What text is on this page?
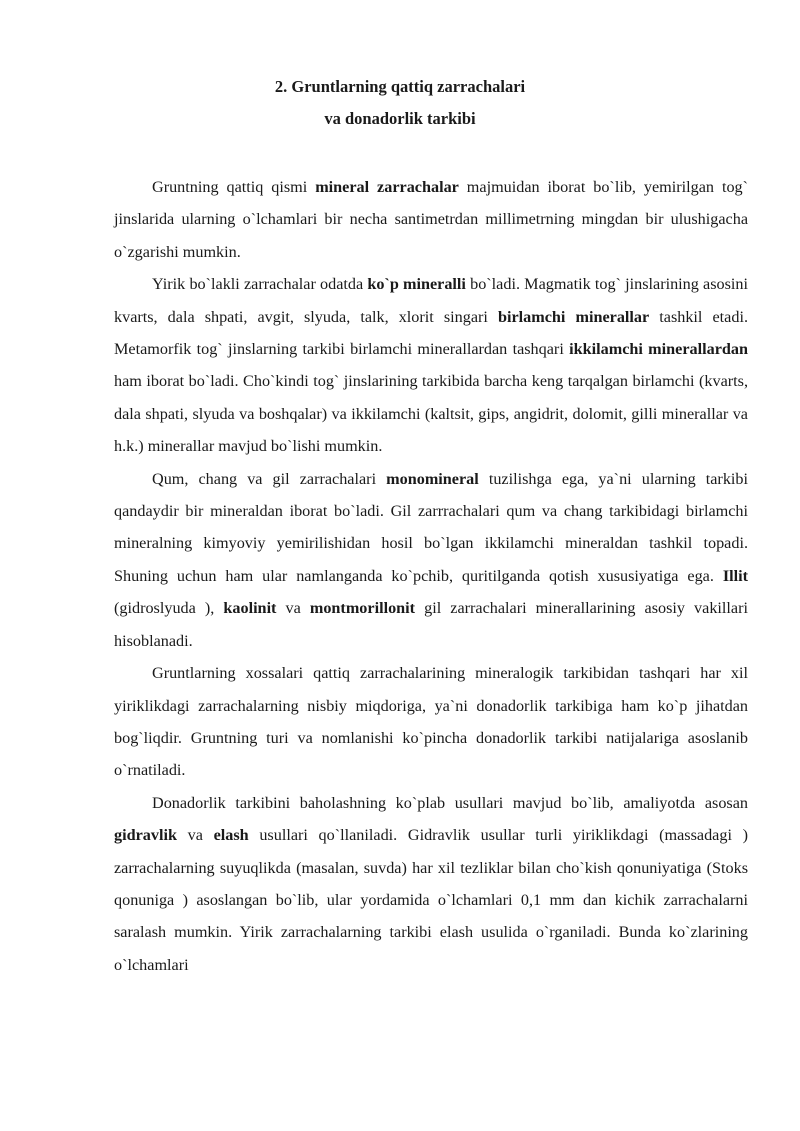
2. Gruntlarning qattiq zarrachalari
va donadorlik tarkibi

Gruntning qattiq qismi mineral zarrachalar majmuidan iborat bo`lib, yemirilgan tog` jinslarida ularning o`lchamlari bir necha santimetrdan millimetrning mingdan bir ulushigacha o`zgarishi mumkin.

Yirik bo`lakli zarrachalar odatda ko`p mineralli bo`ladi. Magmatik tog` jinslarining asosini kvarts, dala shpati, avgit, slyuda, talk, xlorit singari birlamchi minerallar tashkil etadi. Metamorfik tog` jinslarning tarkibi birlamchi minerallardan tashqari ikkilamchi minerallardan ham iborat bo`ladi. Cho`kindi tog` jinslarining tarkibida barcha keng tarqalgan birlamchi (kvarts, dala shpati, slyuda va boshqalar) va ikkilamchi (kaltsit, gips, angidrit, dolomit, gilli minerallar va h.k.) minerallar mavjud bo`lishi mumkin.

Qum, chang va gil zarrachalari monomineral tuzilishga ega, ya`ni ularning tarkibi qandaydir bir mineraldan iborat bo`ladi. Gil zarrrachalari qum va chang tarkibidagi birlamchi mineralning kimyoviy yemirilishidan hosil bo`lgan ikkilamchi mineraldan tashkil topadi. Shuning uchun ham ular namlanganda ko`pchib, quritilganda qotish xususiyatiga ega. Illit (gidroslyuda ), kaolinit va montmorillonit gil zarrachalari minerallarining asosiy vakillari hisoblanadi.

Gruntlarning xossalari qattiq zarrachalarining mineralogik tarkibidan tashqari har xil yiriklikdagi zarrachalarning nisbiy miqdoriga, ya`ni donadorlik tarkibiga ham ko`p jihatdan bog`liqdir. Gruntning turi va nomlanishi ko`pincha donadorlik tarkibi natijalariga asoslanib o`rnatiladi.

Donadorlik tarkibini baholashning ko`plab usullari mavjud bo`lib, amaliyotda asosan gidravlik va elash usullari qo`llaniladi. Gidravlik usullar turli yiriklikdagi (massadagi ) zarrachalarning suyuqlikda (masalan, suvda) har xil tezliklar bilan cho`kish qonuniyatiga (Stoks qonuniga ) asoslangan bo`lib, ular yordamida o`lchamlari 0,1 mm dan kichik zarrachalarni saralash mumkin. Yirik zarrachalarning tarkibi elash usulida o`rganiladi. Bunda ko`zlarining o`lchamlari
